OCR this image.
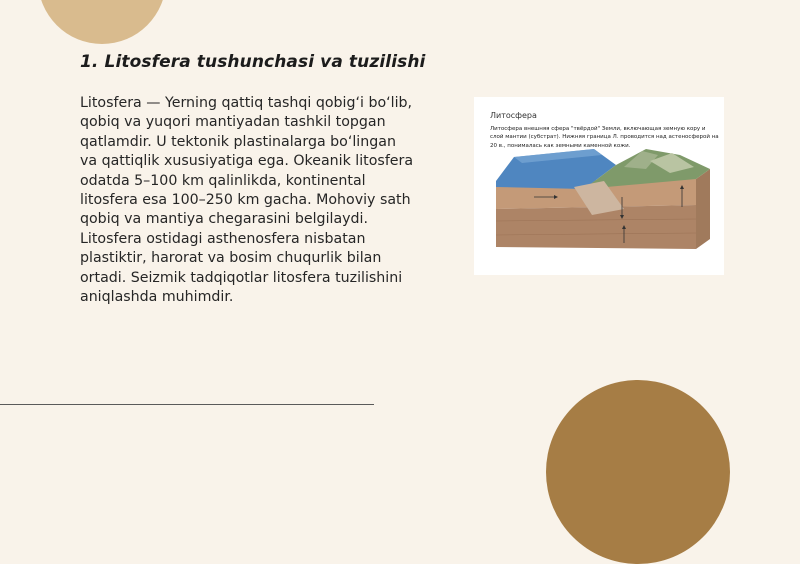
1. Litosfera tushunchasi va tuzilishi

Litosfera — Yerning qattiq tashqi qobig‘i bo‘lib, qobiq va yuqori mantiyadan tashkil topgan qatlamdir. U tektonik plastinalarga bo‘lingan va qattiqlik xususiyatiga ega. Okeanik litosfera odatda 5–100 km qalinlikda, kontinental litosfera esa 100–250 km gacha. Mohoviy sath qobiq va mantiya chegarasini belgilaydi. Litosfera ostidagi asthenosfera nisbatan plastiktir, harorat va bosim chuqurlik bilan ortadi. Seizmik tadqiqotlar litosfera tuzilishini aniqlashda muhimdir.

Литосфера
Литосфера внешняя сфера "твёрдой" Земли, включающая земную кору и
слой мантии (субстрат). Нижняя граница Л. проводится над астеносферой на
20 в., понималась как земными каменной кожи.
